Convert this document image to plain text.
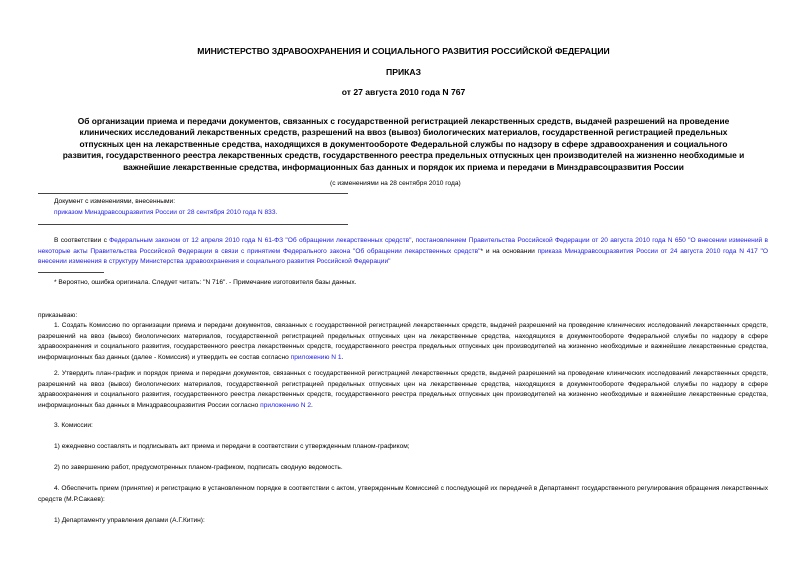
МИНИСТЕРСТВО ЗДРАВООХРАНЕНИЯ И СОЦИАЛЬНОГО РАЗВИТИЯ РОССИЙСКОЙ ФЕДЕРАЦИИ
ПРИКАЗ
от 27 августа 2010 года N 767
Об организации приема и передачи документов, связанных с государственной регистрацией лекарственных средств, выдачей разрешений на проведение
клинических исследований лекарственных средств, разрешений на ввоз (вывоз) биологических материалов, государственной регистрацией предельных
отпускных цен на лекарственные средства, находящихся в документообороте Федеральной службы по надзору в сфере здравоохранения и социального
развития, государственного реестра лекарственных средств, государственного реестра предельных отпускных цен производителей на жизненно необходимые и
важнейшие лекарственные средства, информационных баз данных и порядок их приема и передачи в Минздравсоцразвития России
(с изменениями на 28 сентября 2010 года)
Документ с изменениями, внесенными:
приказом Минздравсоцразвития России от 28 сентября 2010 года N 833.
В соответствии с Федеральным законом от 12 апреля 2010 года N 61-ФЗ "Об обращении лекарственных средств", постановлением Правительства Российской Федерации от 20 августа 2010 года N 650 "О внесении изменений в некоторые акты Правительства Российской Федерации в связи с принятием Федерального закона "Об обращении лекарственных средств"* и на основании приказа Минздравсоцразвития России от 24 августа 2010 года N 417 "О внесении изменения в структуру Министерства здравоохранения и социального развития Российской Федерации"
* Вероятно, ошибка оригинала. Следует читать: "N 716". - Примечание изготовителя базы данных.
приказываю:
1. Создать Комиссию по организации приема и передачи документов, связанных с государственной регистрацией лекарственных средств, выдачей разрешений на проведение клинических исследований лекарственных средств, разрешений на ввоз (вывоз) биологических материалов, государственной регистрацией предельных отпускных цен на лекарственные средства, находящихся в документообороте Федеральной службы по надзору в сфере здравоохранения и социального развития, государственного реестра лекарственных средств, государственного реестра предельных отпускных цен производителей на жизненно необходимые и важнейшие лекарственные средства, информационных баз данных (далее - Комиссия) и утвердить ее состав согласно приложению N 1.
2. Утвердить план-график и порядок приема и передачи документов, связанных с государственной регистрацией лекарственных средств, выдачей разрешений на проведение клинических исследований лекарственных средств, разрешений на ввоз (вывоз) биологических материалов, государственной регистрацией предельных отпускных цен на лекарственные средства, находящихся в документообороте Федеральной службы по надзору в сфере здравоохранения и социального развития, государственного реестра лекарственных средств, государственного реестра предельных отпускных цен производителей на жизненно необходимые и важнейшие лекарственные средства, информационных баз данных в Минздравсоцразвития России согласно приложению N 2.
3. Комиссии:
1) ежедневно составлять и подписывать акт приема и передачи в соответствии с утвержденным планом-графиком;
2) по завершению работ, предусмотренных планом-графиком, подписать сводную ведомость.
4. Обеспечить прием (принятие) и регистрацию в установленном порядке в соответствии с актом, утвержденным Комиссией с последующей их передачей в Департамент государственного регулирования обращения лекарственных средств (М.Р.Сакаев):
1) Департаменту управления делами (А.Г.Китин):
